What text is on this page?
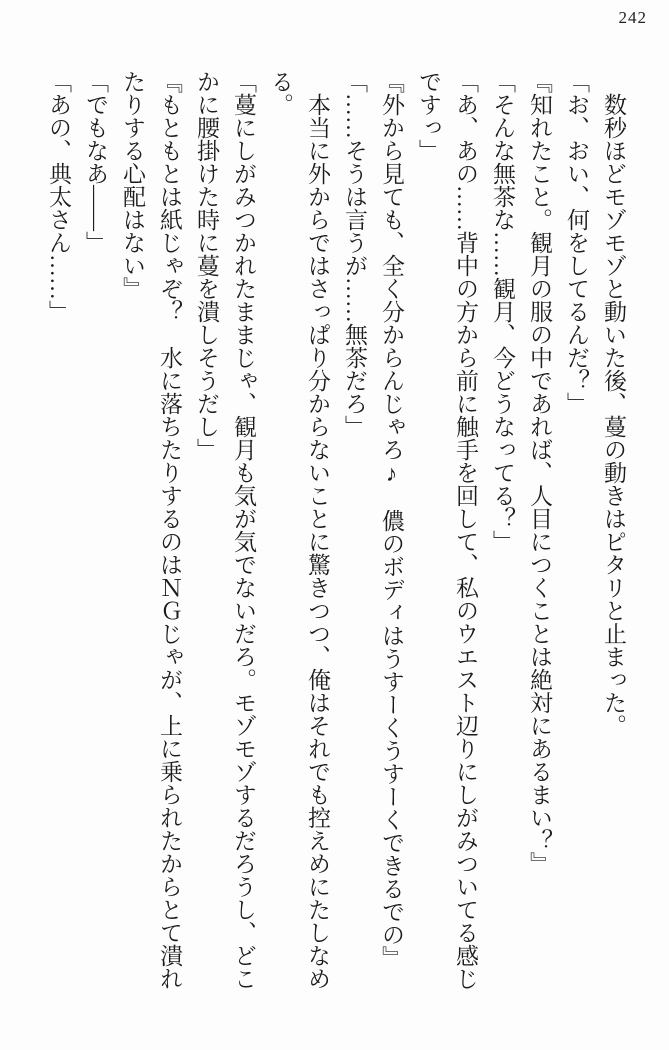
242

数秒ほどモゾモゾと動いた後、蔓の動きはピタリと止まった。

「お、おい、何をしてるんだ？」

『知れたこと。観月の服の中であれば、人目につくことは絶対にあるまい？』

「そんな無茶な……観月、今どうなってる？」

「あ、あの……背中の方から前に触手を回して、私のウエスト辺りにしがみついてる感じですっ」

『外から見ても、全く分からんじゃろ♪　儂のボディはうすーくうすーくできるでの』

「……そうは言うが……無茶だろ」

本当に外からではさっぱり分からないことに驚きつつ、俺はそれでも控えめにたしなめる。

「蔓にしがみつかれたままじゃ、観月も気が気でないだろ。モゾモゾするだろうし、どこかに腰掛けた時に蔓を潰しそうだし」

『もともとは紙じゃぞ？　水に落ちたりするのはＮＧじゃが、上に乗られたからとて潰れたりする心配はない』

「でもなあ――」

「あの、典太さん……」
